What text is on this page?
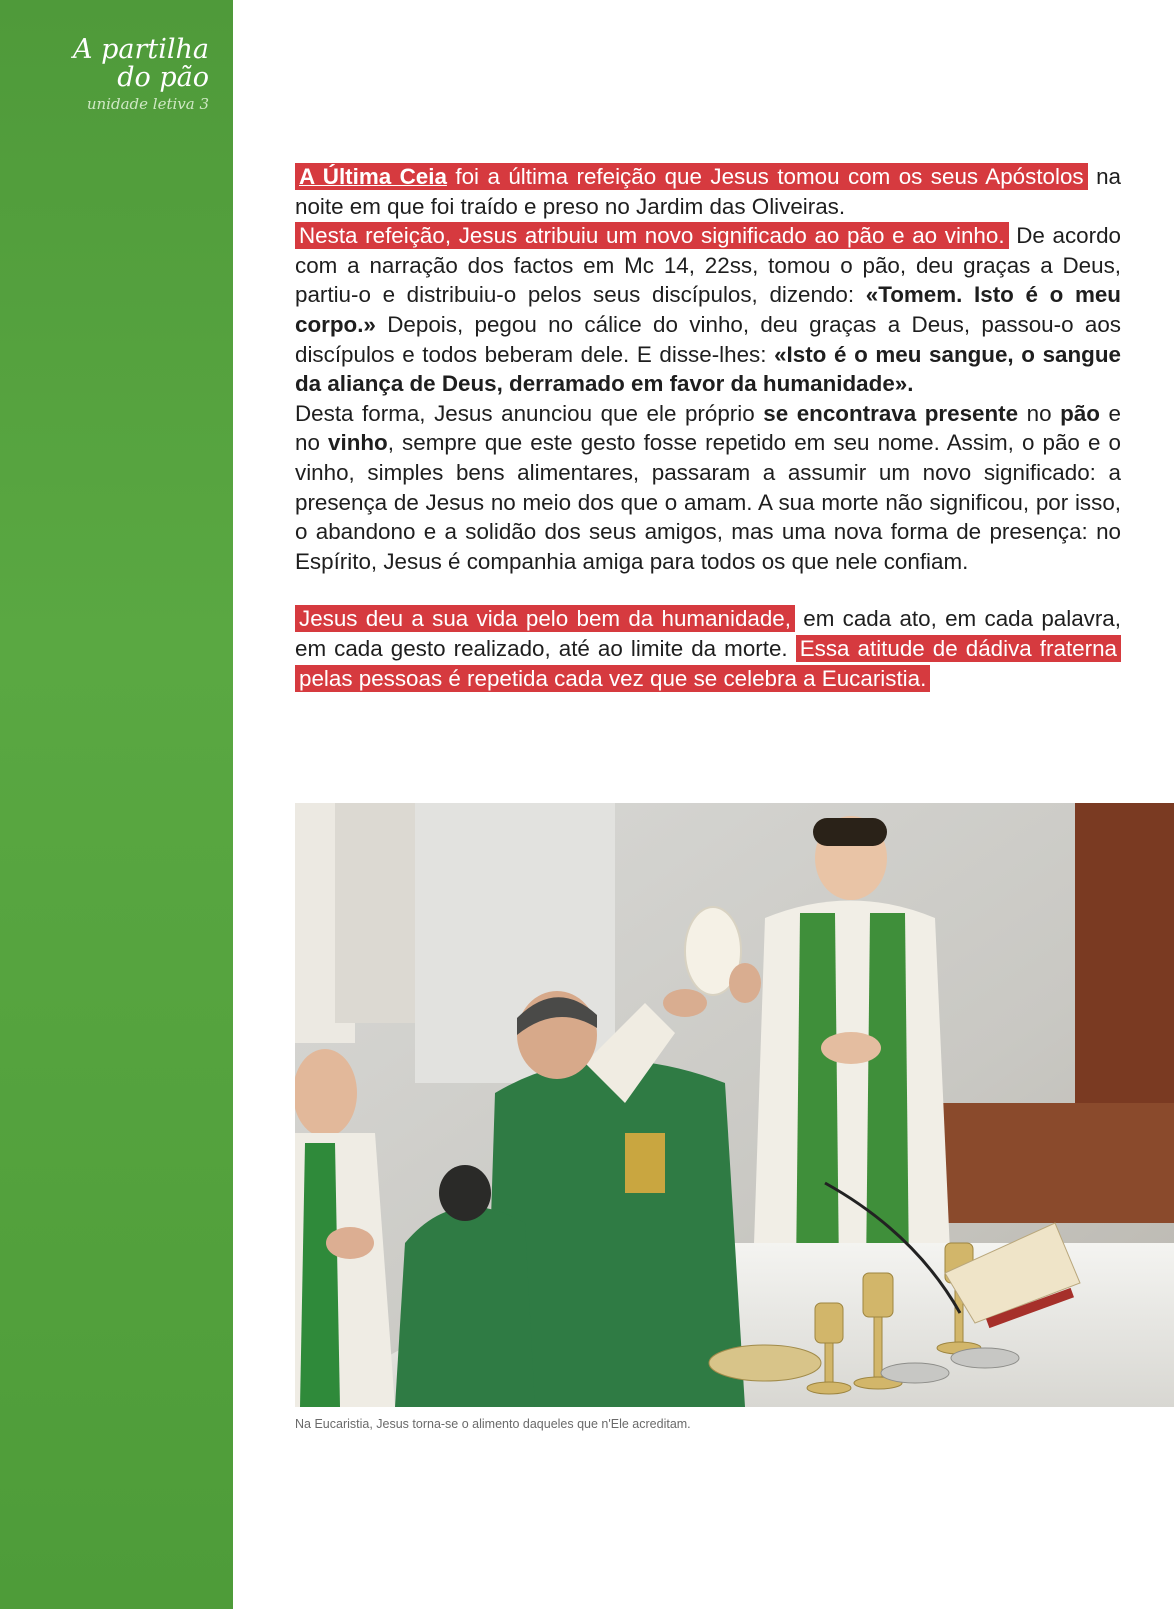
A partilha
do pão
unidade letiva 3

A Última Ceia foi a última refeição que Jesus tomou com os seus Apóstolos na noite em que foi traído e preso no Jardim das Oliveiras.

Nesta refeição, Jesus atribuiu um novo significado ao pão e ao vinho. De acordo com a narração dos factos em Mc 14, 22ss, tomou o pão, deu graças a Deus, partiu-o e distribuiu-o pelos seus discípulos, dizendo: «Tomem. Isto é o meu corpo.» Depois, pegou no cálice do vinho, deu graças a Deus, passou-o aos discípulos e todos beberam dele. E disse-lhes: «Isto é o meu sangue, o sangue da aliança de Deus, derramado em favor da humanidade».

Desta forma, Jesus anunciou que ele próprio se encontrava presente no pão e no vinho, sempre que este gesto fosse repetido em seu nome. Assim, o pão e o vinho, simples bens alimentares, passaram a assumir um novo significado: a presença de Jesus no meio dos que o amam. A sua morte não significou, por isso, o abandono e a solidão dos seus amigos, mas uma nova forma de presença: no Espírito, Jesus é companhia amiga para todos os que nele confiam.

Jesus deu a sua vida pelo bem da humanidade, em cada ato, em cada palavra, em cada gesto realizado, até ao limite da morte. Essa atitude de dádiva fraterna pelas pessoas é repetida cada vez que se celebra a Eucaristia.

Na Eucaristia, Jesus torna-se o alimento daqueles que n'Ele acreditam.
